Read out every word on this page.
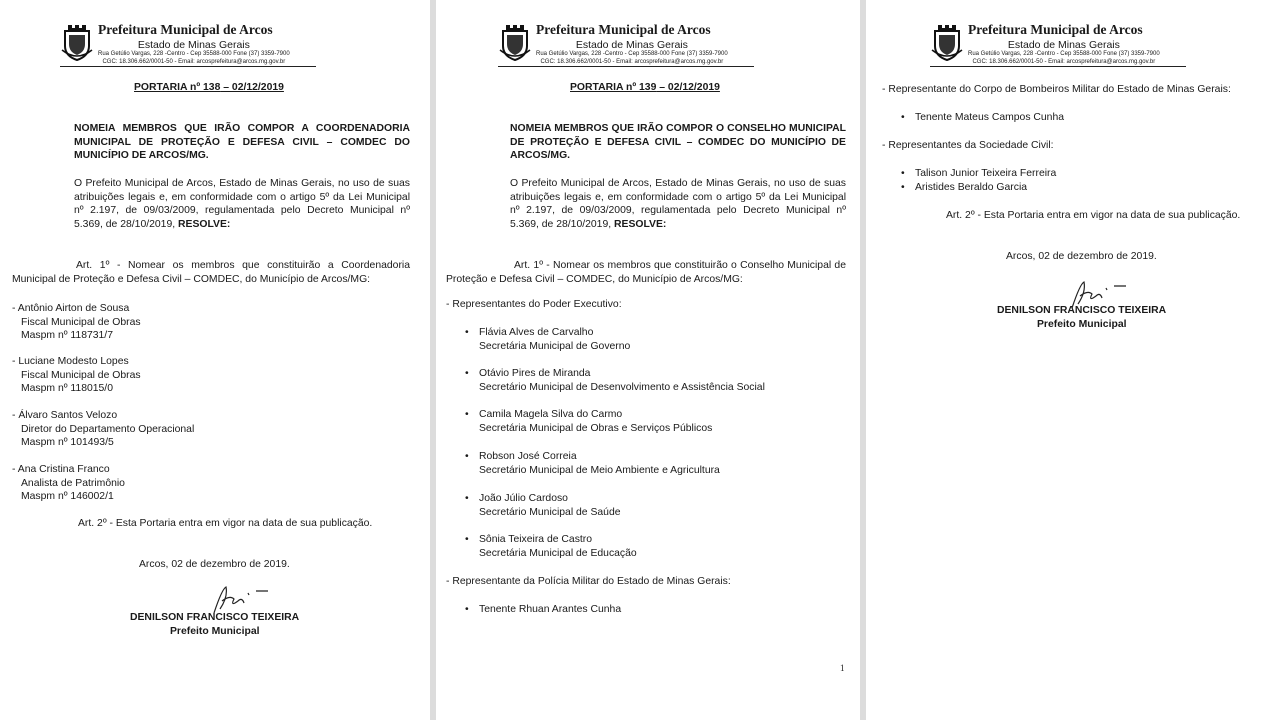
Prefeitura Municipal de Arcos
Estado de Minas Gerais
Rua Getúlio Vargas, 228 -Centro - Cep 35588-000 Fone (37) 3359-7900
CGC: 18.306.662/0001-50 - Email: arcosprefeitura@arcos.mg.gov.br
PORTARIA nº 138 – 02/12/2019
NOMEIA MEMBROS QUE IRÃO COMPOR A COORDENADORIA MUNICIPAL DE PROTEÇÃO E DEFESA CIVIL – COMDEC DO MUNICÍPIO DE ARCOS/MG.
O Prefeito Municipal de Arcos, Estado de Minas Gerais, no uso de suas atribuições legais e, em conformidade com o artigo 5º da Lei Municipal nº 2.197, de 09/03/2009, regulamentada pelo Decreto Municipal nº 5.369, de 28/10/2019, RESOLVE:
Art. 1º - Nomear os membros que constituirão a Coordenadoria Municipal de Proteção e Defesa Civil – COMDEC, do Município de Arcos/MG:
- Antônio Airton de Sousa
Fiscal Municipal de Obras
Maspm nº 118731/7
- Luciane Modesto Lopes
Fiscal Municipal de Obras
Maspm nº 118015/0
- Álvaro Santos Velozo
Diretor do Departamento Operacional
Maspm nº 101493/5
- Ana Cristina Franco
Analista de Patrimônio
Maspm nº 146002/1
Art. 2º - Esta Portaria entra em vigor na data de sua publicação.
Arcos, 02 de dezembro de 2019.
DENILSON FRANCISCO TEIXEIRA
Prefeito Municipal
Prefeitura Municipal de Arcos
Estado de Minas Gerais
Rua Getúlio Vargas, 228 -Centro - Cep 35588-000 Fone (37) 3359-7900
CGC: 18.306.662/0001-50 - Email: arcosprefeitura@arcos.mg.gov.br
PORTARIA nº 139 – 02/12/2019
NOMEIA MEMBROS QUE IRÃO COMPOR O CONSELHO MUNICIPAL DE PROTEÇÃO E DEFESA CIVIL – COMDEC DO MUNICÍPIO DE ARCOS/MG.
O Prefeito Municipal de Arcos, Estado de Minas Gerais, no uso de suas atribuições legais e, em conformidade com o artigo 5º da Lei Municipal nº 2.197, de 09/03/2009, regulamentada pelo Decreto Municipal nº 5.369, de 28/10/2019, RESOLVE:
Art. 1º - Nomear os membros que constituirão o Conselho Municipal de Proteção e Defesa Civil – COMDEC, do Município de Arcos/MG:
- Representantes do Poder Executivo:
• Flávia Alves de Carvalho
Secretária Municipal de Governo
• Otávio Pires de Miranda
Secretário Municipal de Desenvolvimento e Assistência Social
• Camila Magela Silva do Carmo
Secretária Municipal de Obras e Serviços Públicos
• Robson José Correia
Secretário Municipal de Meio Ambiente e Agricultura
• João Júlio Cardoso
Secretário Municipal de Saúde
• Sônia Teixeira de Castro
Secretária Municipal de Educação
- Representante da Polícia Militar do Estado de Minas Gerais:
• Tenente Rhuan Arantes Cunha
1
Prefeitura Municipal de Arcos
Estado de Minas Gerais
Rua Getúlio Vargas, 228 -Centro - Cep 35588-000 Fone (37) 3359-7900
CGC: 18.306.662/0001-50 - Email: arcosprefeitura@arcos.mg.gov.br
- Representante do Corpo de Bombeiros Militar do Estado de Minas Gerais:
• Tenente Mateus Campos Cunha
- Representantes da Sociedade Civil:
• Talison Junior Teixeira Ferreira
• Aristides Beraldo Garcia
Art. 2º - Esta Portaria entra em vigor na data de sua publicação.
Arcos, 02 de dezembro de 2019.
DENILSON FRANCISCO TEIXEIRA
Prefeito Municipal
